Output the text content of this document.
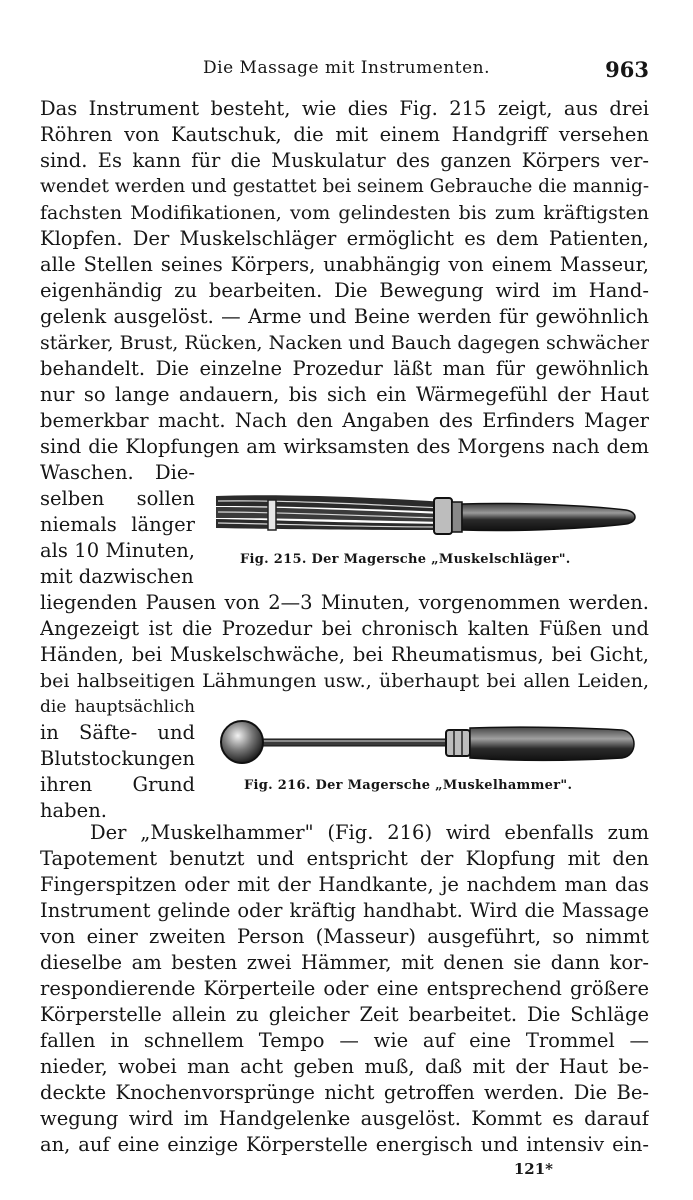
Die Massage mit Instrumenten.	963
Das Instrument besteht, wie dies Fig. 215 zeigt, aus drei
Röhren von Kautschuk, die mit einem Handgriff versehen
sind. Es kann für die Muskulatur des ganzen Körpers ver-
wendet werden und gestattet bei seinem Gebrauche die mannig-
fachsten Modifikationen, vom gelindesten bis zum kräftigsten
Klopfen. Der Muskelschläger ermöglicht es dem Patienten,
alle Stellen seines Körpers, unabhängig von einem Masseur,
eigenhändig zu bearbeiten. Die Bewegung wird im Hand-
gelenk ausgelöst. — Arme und Beine werden für gewöhnlich
stärker, Brust, Rücken, Nacken und Bauch dagegen schwächer
behandelt. Die einzelne Prozedur läßt man für gewöhnlich
nur so lange andauern, bis sich ein Wärmegefühl der Haut
bemerkbar macht. Nach den Angaben des Erfinders Mager
sind die Klopfungen am wirksamsten des Morgens nach dem
Waschen. Die-
selben sollen
niemals länger
als 10 Minuten,
mit dazwischen
Fig. 215. Der Magersche „Muskelschläger".
liegenden Pausen von 2—3 Minuten, vorgenommen werden.
Angezeigt ist die Prozedur bei chronisch kalten Füßen und
Händen, bei Muskelschwäche, bei Rheumatismus, bei Gicht,
bei halbseitigen Lähmungen usw., überhaupt bei allen Leiden,
die hauptsächlich
in Säfte- und
Blutstockungen
ihren Grund
haben.
Fig. 216. Der Magersche „Muskelhammer".
Der „Muskelhammer" (Fig. 216) wird ebenfalls zum
Tapotement benutzt und entspricht der Klopfung mit den
Fingerspitzen oder mit der Handkante, je nachdem man das
Instrument gelinde oder kräftig handhabt. Wird die Massage
von einer zweiten Person (Masseur) ausgeführt, so nimmt
dieselbe am besten zwei Hämmer, mit denen sie dann kor-
respondierende Körperteile oder eine entsprechend größere
Körperstelle allein zu gleicher Zeit bearbeitet. Die Schläge
fallen in schnellem Tempo — wie auf eine Trommel —
nieder, wobei man acht geben muß, daß mit der Haut be-
deckte Knochenvorsprünge nicht getroffen werden. Die Be-
wegung wird im Handgelenke ausgelöst. Kommt es darauf
an, auf eine einzige Körperstelle energisch und intensiv ein-
121*
